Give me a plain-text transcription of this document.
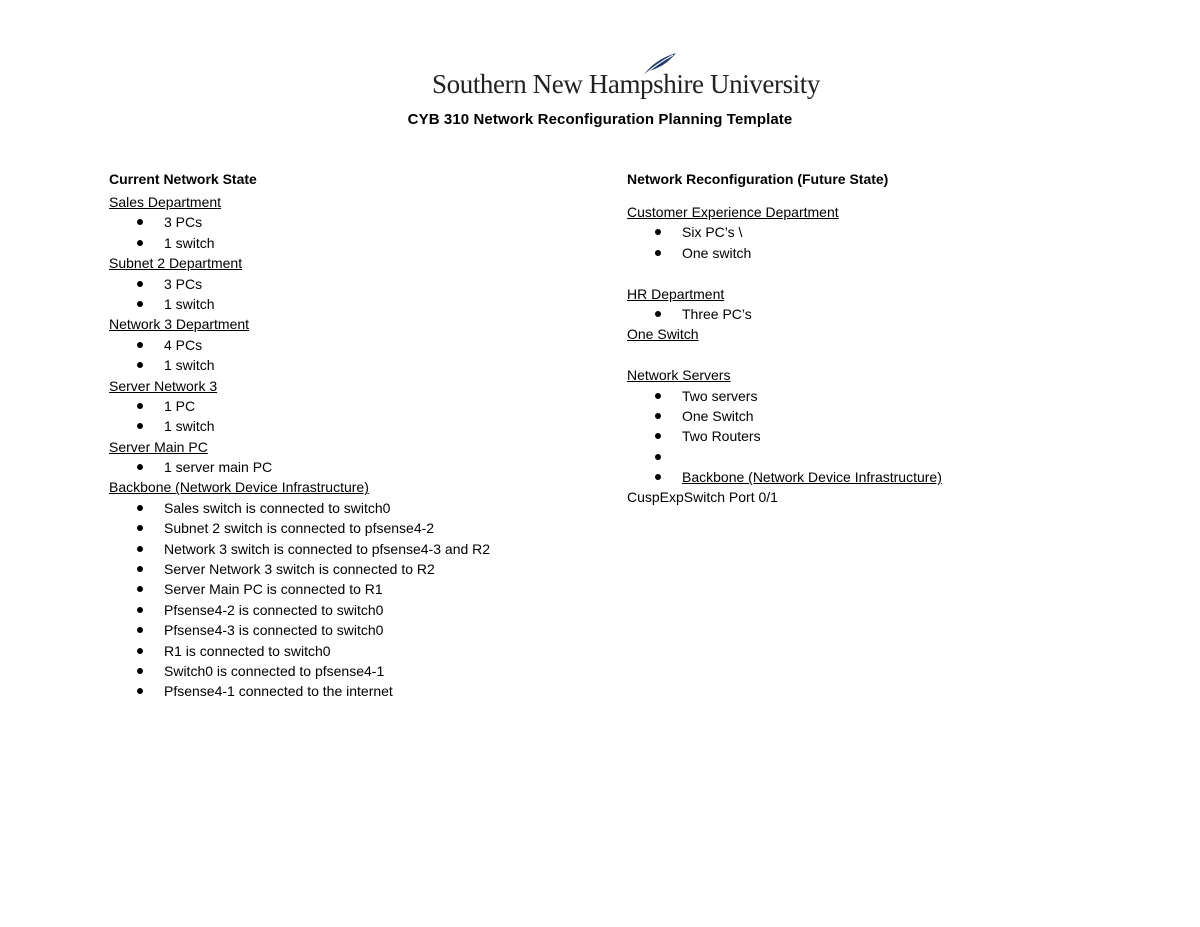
Southern New Hampshire University
CYB 310 Network Reconfiguration Planning Template
Current Network State
Sales Department
3 PCs
1 switch
Subnet 2 Department
3 PCs
1 switch
Network 3 Department
4 PCs
1 switch
Server Network 3
1 PC
1 switch
Server Main PC
1 server main PC
Backbone (Network Device Infrastructure)
Sales switch is connected to switch0
Subnet 2 switch is connected to pfsense4-2
Network 3 switch is connected to pfsense4-3 and R2
Server Network 3 switch is connected to R2
Server Main PC is connected to R1
Pfsense4-2 is connected to switch0
Pfsense4-3 is connected to switch0
R1 is connected to switch0
Switch0 is connected to pfsense4-1
Pfsense4-1 connected to the internet
Network Reconfiguration (Future State)
Customer Experience Department
Six PC’s \
One switch
HR Department
Three PC’s
One Switch
Network Servers
Two servers
One Switch
Two Routers
Backbone (Network Device Infrastructure)
CuspExpSwitch Port 0/1
